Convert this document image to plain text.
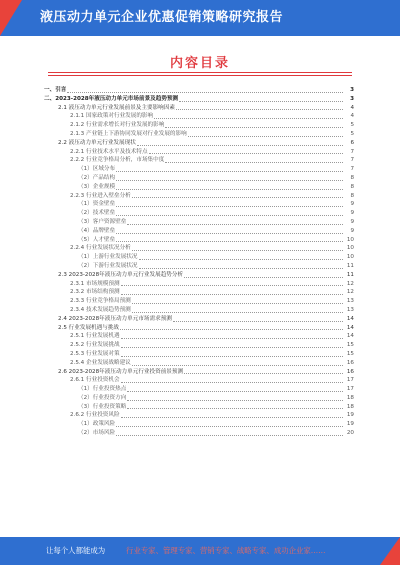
液压动力单元企业优惠促销策略研究报告
内容目录
一、引言	3
二、2023-2028年液压动力单元市场前景及趋势预测	3
2.1 液压动力单元行业发展前景及主要影响因素	4
2.1.1 国家政策对行业发展的影响	4
2.1.2 行业需求增长对行业发展的影响	5
2.1.3 产业链上下游协同发展对行业发展的影响	5
2.2 液压动力单元行业发展现状	6
2.2.1 行业技术水平及技术特点	7
2.2.2 行业竞争格局分析，市场集中度	7
（1）区域分布	7
（2）产品结构	8
（3）企业规模	8
2.2.3 行业进入壁垒分析	8
（1）资金壁垒	9
（2）技术壁垒	9
（3）客户资源壁垒	9
（4）品牌壁垒	9
（5）人才壁垒	10
2.2.4 行业发展状况分析	10
（1）上游行业发展状况	10
（2）下游行业发展状况	11
2.3 2023-2028年液压动力单元行业发展趋势分析	11
2.3.1 市场规模预测	12
2.3.2 市场结构预测	12
2.3.3 行业竞争格局预测	13
2.3.4 技术发展趋势预测	13
2.4 2023-2028年液压动力单元市场需求预测	14
2.5 行业发展机遇与挑战	14
2.5.1 行业发展机遇	14
2.5.2 行业发展挑战	15
2.5.3 行业发展对策	15
2.5.4 企业发展战略建议	16
2.6 2023-2028年液压动力单元行业投资前景预测	16
2.6.1 行业投资机会	17
（1）行业投资热点	17
（2）行业投资方向	18
（3）行业投资策略	18
2.6.2 行业投资风险	19
（1）政策风险	19
（2）市场风险	20
让每个人都能成为	行业专家、管理专家、营销专家、战略专家、成功企业家……
